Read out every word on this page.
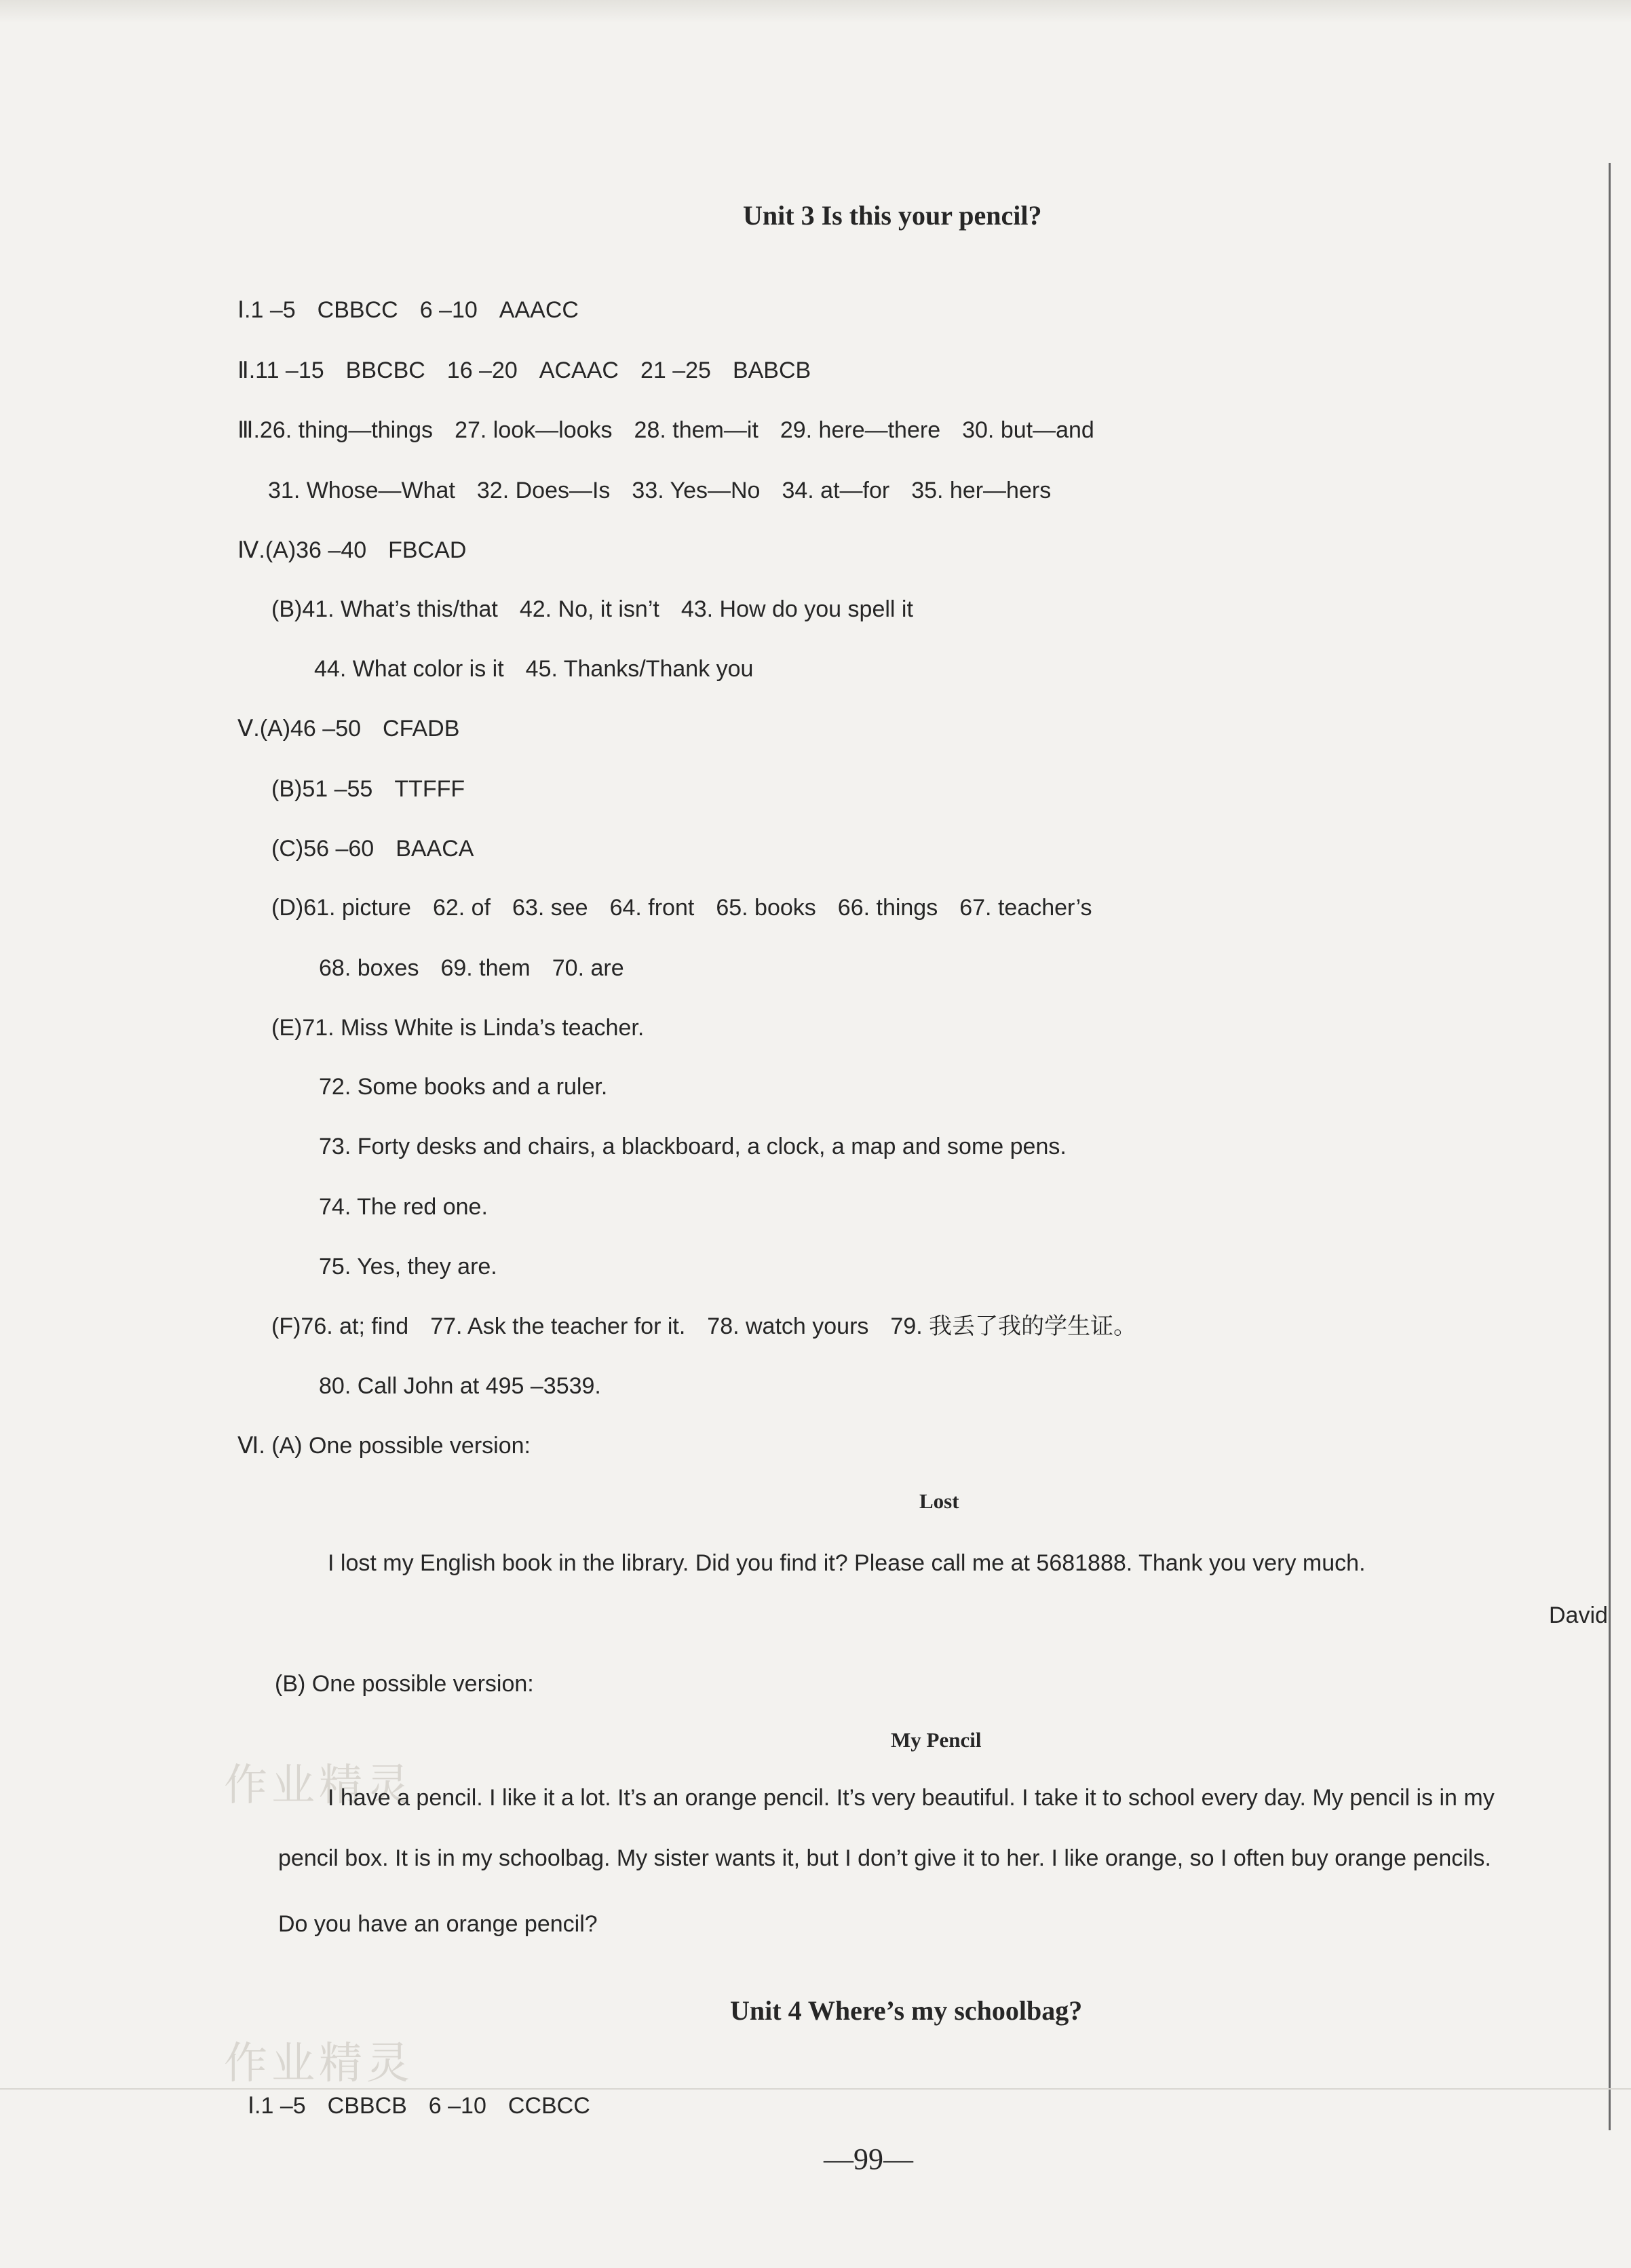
作业精灵
作业精灵
Unit 3 Is this your pencil?
Ⅰ.1 –5 CBBCC 6 –10 AAACC
Ⅱ.11 –15 BBCBC 16 –20 ACAAC 21 –25 BABCB
Ⅲ.26. thing—things 27. look—looks 28. them—it 29. here—there 30. but—and
31. Whose—What 32. Does—Is 33. Yes—No 34. at—for 35. her—hers
Ⅳ.(A)36 –40 FBCAD
(B)41. What’s this/that 42. No, it isn’t 43. How do you spell it
44. What color is it 45. Thanks/Thank you
Ⅴ.(A)46 –50 CFADB
(B)51 –55 TTFFF
(C)56 –60 BAACA
(D)61. picture 62. of 63. see 64. front 65. books 66. things 67. teacher’s
68. boxes 69. them 70. are
(E)71. Miss White is Linda’s teacher.
72. Some books and a ruler.
73. Forty desks and chairs, a blackboard, a clock, a map and some pens.
74. The red one.
75. Yes, they are.
(F)76. at; find 77. Ask the teacher for it. 78. watch yours 79. 我丢了我的学生证。
80. Call John at 495 –3539.
Ⅵ. (A) One possible version:
Lost
I lost my English book in the library. Did you find it? Please call me at 5681888. Thank you very much.
David
(B) One possible version:
My Pencil
I have a pencil. I like it a lot. It’s an orange pencil. It’s very beautiful. I take it to school every day. My pencil is in my
pencil box. It is in my schoolbag. My sister wants it, but I don’t give it to her. I like orange, so I often buy orange pencils.
Do you have an orange pencil?
Unit 4 Where’s my schoolbag?
Ⅰ.1 –5 CBBCB 6 –10 CCBCC
—99—
